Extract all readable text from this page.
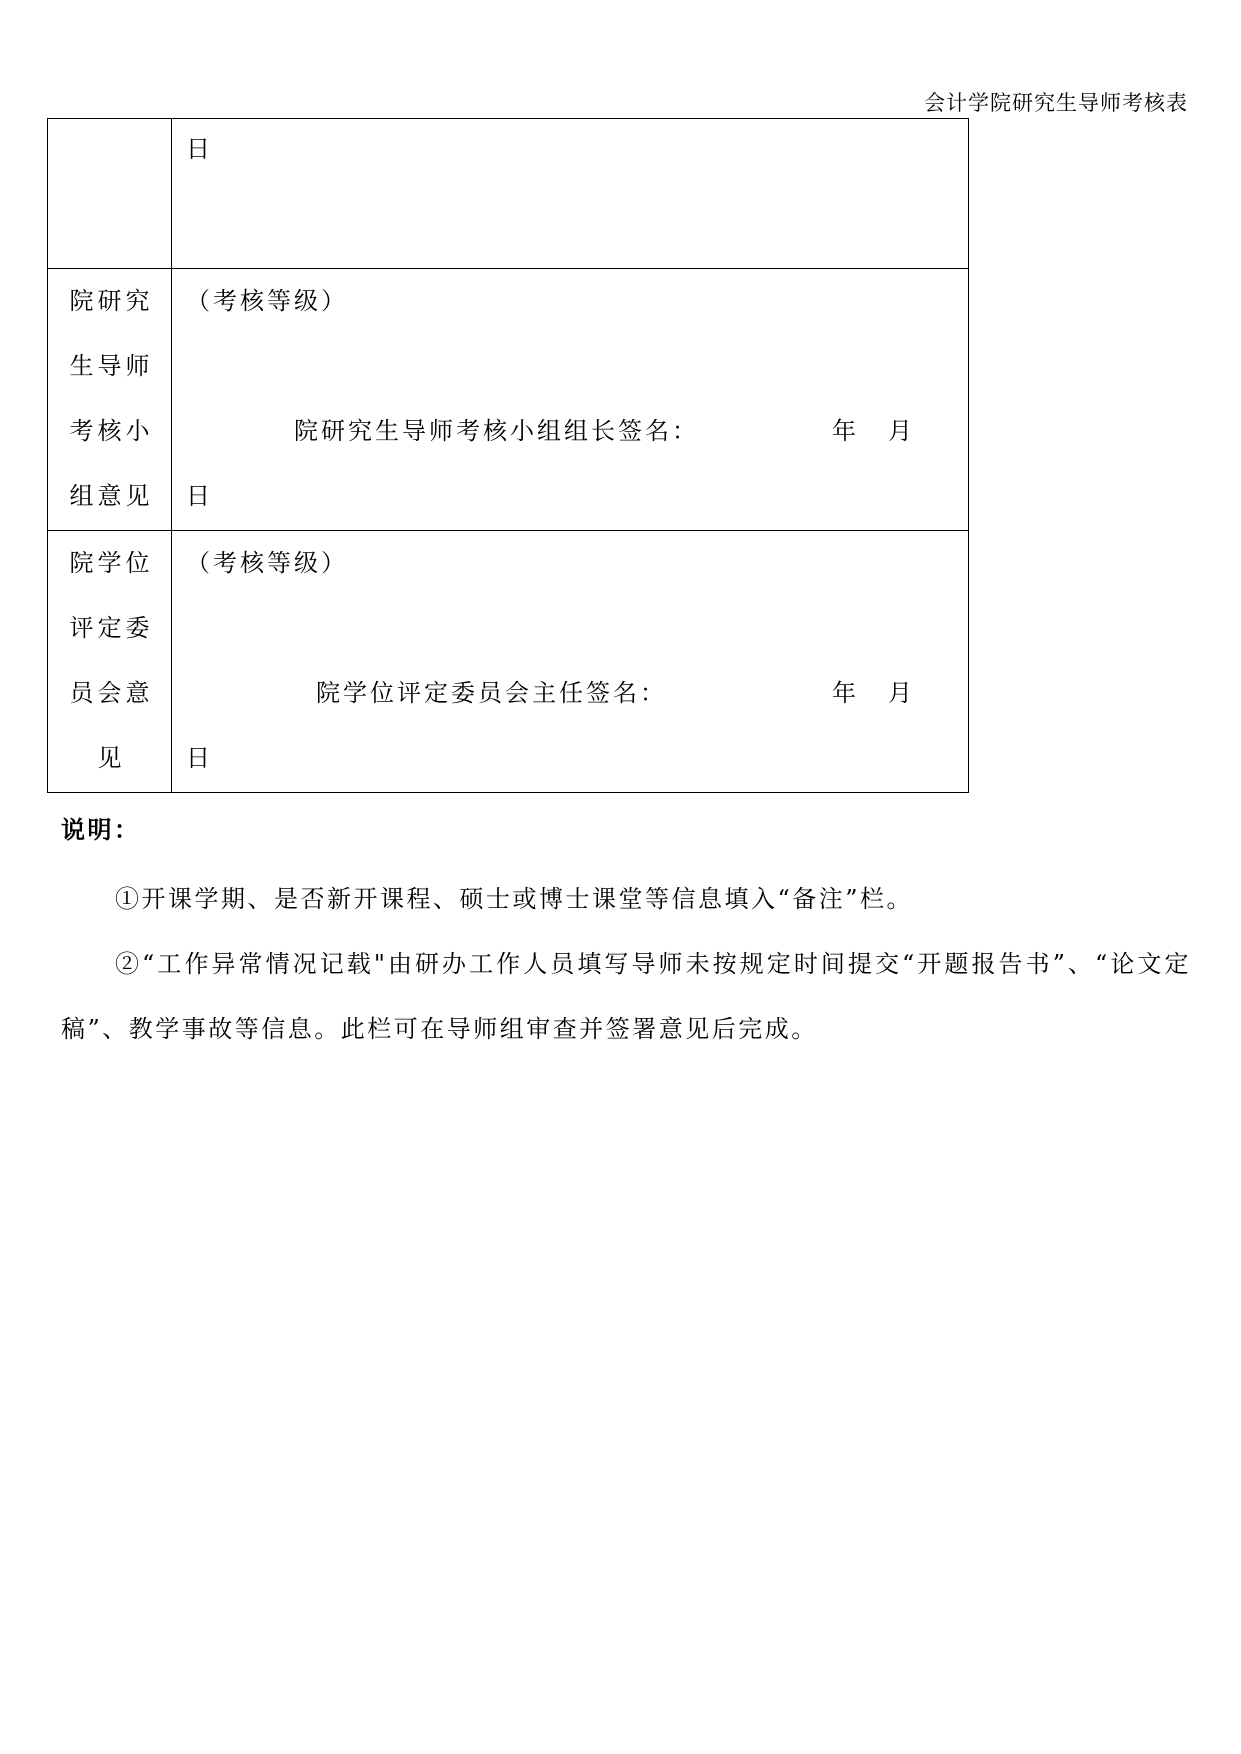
会计学院研究生导师考核表
	日

院研究生导师考核小组意见	（考核等级）
院研究生导师考核小组组长签名： 年 月
日

院学位评定委员会意见	（考核等级）
院学位评定委员会主任签名： 年 月
日
说明：

①开课学期、是否新开课程、硕士或博士课堂等信息填入“备注”栏。

②“工作异常情况记载"由研办工作人员填写导师未按规定时间提交“开题报告书”、“论文定稿”、教学事故等信息。此栏可在导师组审查并签署意见后完成。
